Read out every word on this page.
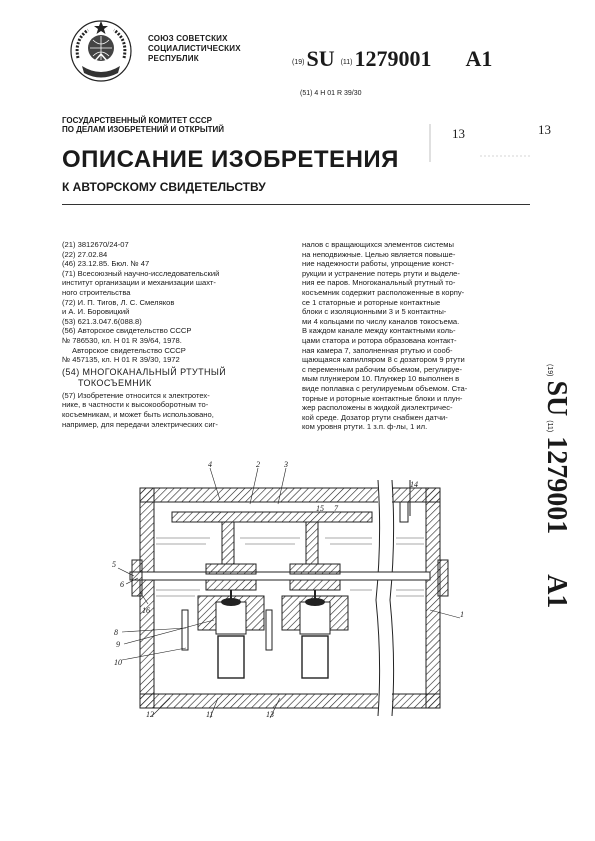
СОЮЗ СОВЕТСКИХ
СОЦИАЛИСТИЧЕСКИХ
РЕСПУБЛИК	(19) SU (11) 1279001 A1
(51) 4 H 01 R 39/30
13	13
ГОСУДАРСТВЕННЫЙ КОМИТЕТ СССР
ПО ДЕЛАМ ИЗОБРЕТЕНИЙ И ОТКРЫТИЙ
ОПИСАНИЕ ИЗОБРЕТЕНИЯ
К АВТОРСКОМУ СВИДЕТЕЛЬСТВУ
(21) 3812670/24-07
(22) 27.02.84
(46) 23.12.85. Бюл. № 47
(71) Всесоюзный научно-исследовательский
институт организации и механизации шахт-
ного строительства
(72) И. П. Тигов, Л. С. Смеляков
и А. И. Боровицкий
(53) 621.3.047.6(088.8)
(56) Авторское свидетельство СССР
№ 786530, кл. Н 01 R 39/64, 1978.
Авторское свидетельство СССР
№ 457135, кл. Н 01 R 39/30, 1972
(54) МНОГОКАНАЛЬНЫЙ РТУТНЫЙ
ТОКОСЪЕМНИК
(57) Изобретение относится к электротех-
нике, в частности к высокооборотным то-
косъемникам, и может быть использовано,
например, для передачи электрических сиг-
налов с вращающихся элементов системы
на неподвижные. Целью является повыше-
ние надежности работы, упрощение конст-
рукции и устранение потерь ртути и выделе-
ния ее паров. Многоканальный ртутный то-
косъемник содержит расположенные в корпу-
се 1 статорные и роторные контактные
блоки с изоляционными 3 и 5 контактны-
ми 4 кольцами по числу каналов токосъема.
В каждом канале между контактными коль-
цами статора и ротора образована контакт-
ная камера 7, заполненная ртутью и сооб-
щающаяся капилляром 8 с дозатором 9 ртути
с переменным рабочим объемом, регулируе-
мым плунжером 10. Плунжер 10 выполнен в
виде поплавка с регулируемым объемом. Ста-
торные и роторные контактные блоки и плун-
жер расположены в жидкой диэлектричес-
кой среде. Дозатор ртути снабжен датчи-
ком уровня ртути. 1 з.п. ф-лы, 1 ил.
(19)
SU
(11)
1279001
A1
4	2	3
5
6
15
16
8
9
10
12	11	13
1
7
14
